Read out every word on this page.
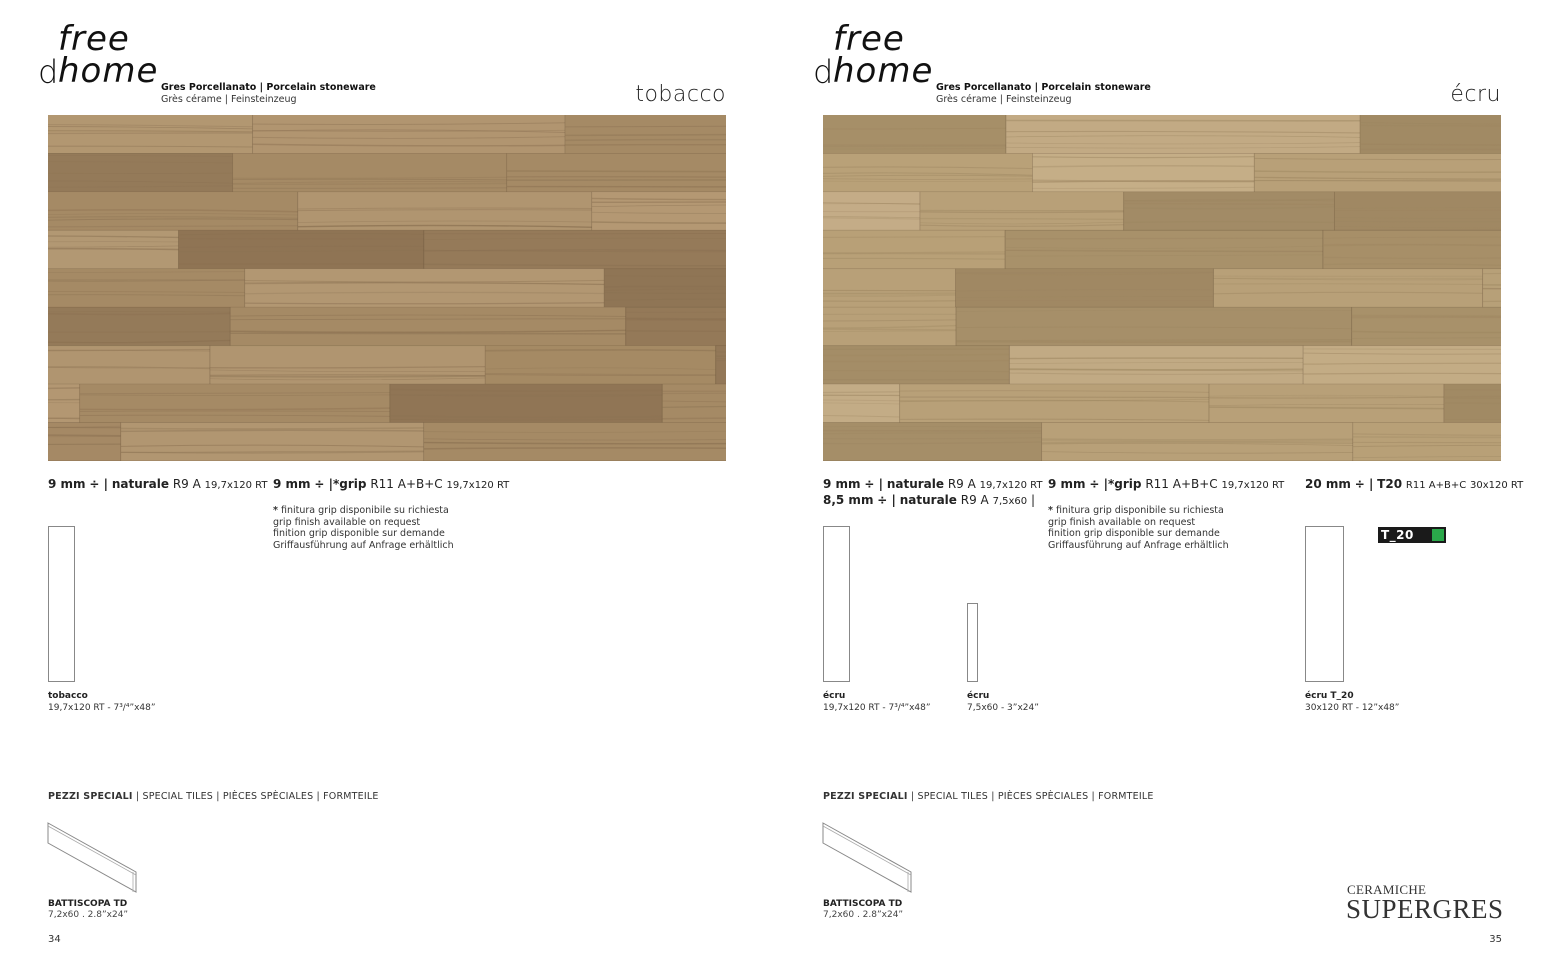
free
d home Gres Porcellanato | Porcelain stoneware
Grès cérame | Feinsteinzeug	tobacco
9 mm ÷ | naturale R9 A 19,7x120 RT 9 mm ÷ |*grip R11 A+B+C 19,7x120 RT
* finitura grip disponibile su richiesta
grip finish available on request
finition grip disponible sur demande
Griffausführung auf Anfrage erhältlich
tobacco
19,7x120 RT - 7³/⁴”x48”
PEZZI SPECIALI | SPECIAL TILES | PIÈCES SPÈCIALES | FORMTEILE
BATTISCOPA TD
7,2x60 . 2.8”x24”
34
free
d home Gres Porcellanato | Porcelain stoneware
Grès cérame | Feinsteinzeug	écru
9 mm ÷ | naturale R9 A 19,7x120 RT
8,5 mm ÷ | naturale R9 A 7,5x60 |
9 mm ÷ |*grip R11 A+B+C 19,7x120 RT 20 mm ÷ | T20 R11 A+B+C 30x120 RT
* finitura grip disponibile su richiesta
grip finish available on request
finition grip disponible sur demande
Griffausführung auf Anfrage erhältlich
T_20
écru
19,7x120 RT - 7³/⁴”x48”
écru
7,5x60 - 3”x24”
écru T_20
30x120 RT - 12”x48”
PEZZI SPECIALI | SPECIAL TILES | PIÈCES SPÈCIALES | FORMTEILE
BATTISCOPA TD
7,2x60 . 2.8”x24”
CERAMICHE
SUPERGRES
35
